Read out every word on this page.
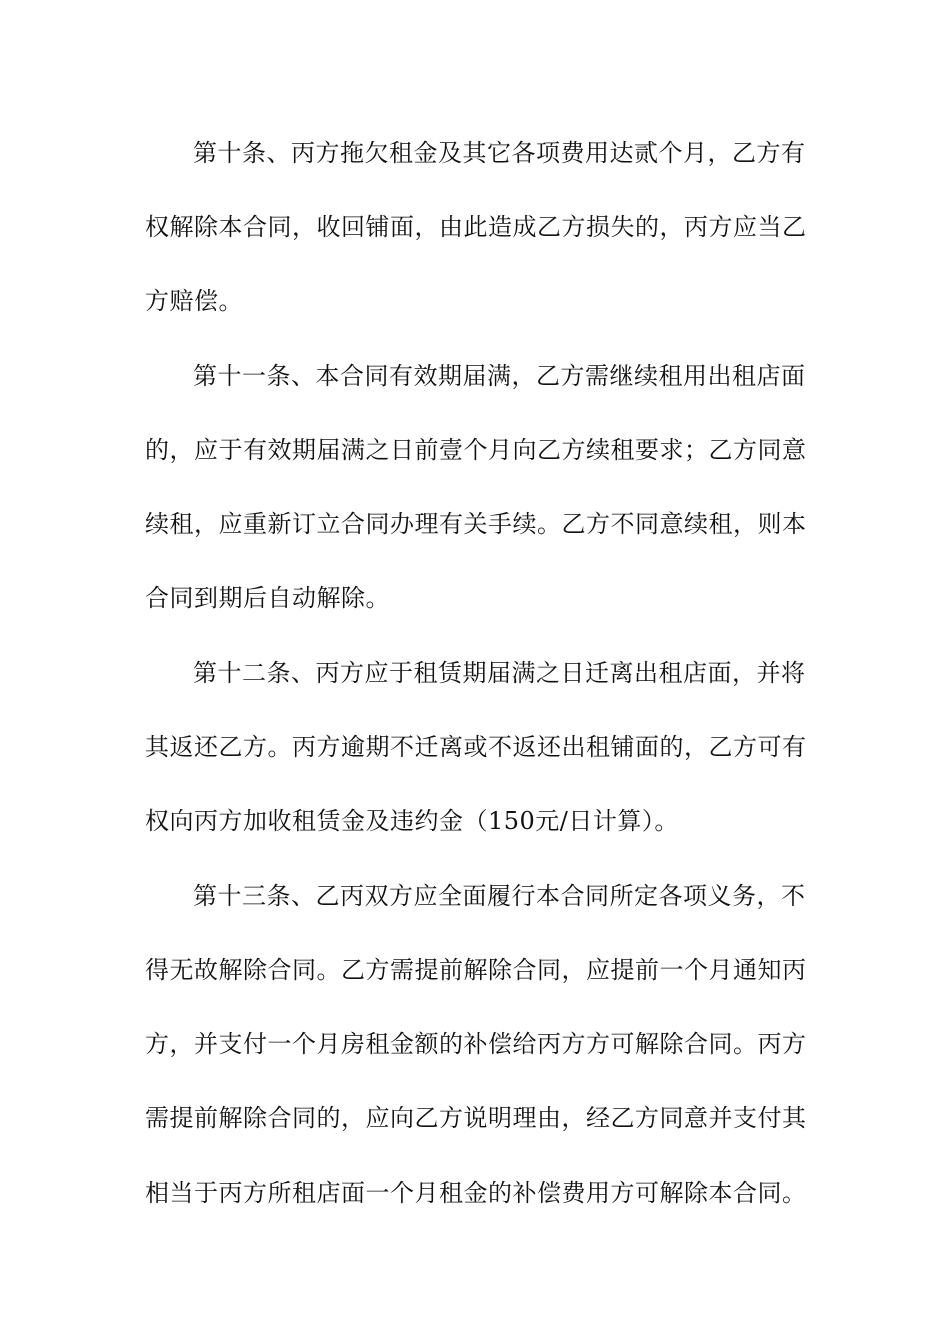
第十条、丙方拖欠租金及其它各项费用达贰个月，乙方有
权解除本合同，收回铺面，由此造成乙方损失的，丙方应当乙
方赔偿。
第十一条、本合同有效期届满，乙方需继续租用出租店面
的，应于有效期届满之日前壹个月向乙方续租要求；乙方同意
续租，应重新订立合同办理有关手续。乙方不同意续租，则本
合同到期后自动解除。
第十二条、丙方应于租赁期届满之日迁离出租店面，并将
其返还乙方。丙方逾期不迁离或不返还出租铺面的，乙方可有
权向丙方加收租赁金及违约金（150元/日计算）。
第十三条、乙丙双方应全面履行本合同所定各项义务，不
得无故解除合同。乙方需提前解除合同，应提前一个月通知丙
方，并支付一个月房租金额的补偿给丙方方可解除合同。丙方
需提前解除合同的，应向乙方说明理由，经乙方同意并支付其
相当于丙方所租店面一个月租金的补偿费用方可解除本合同。
